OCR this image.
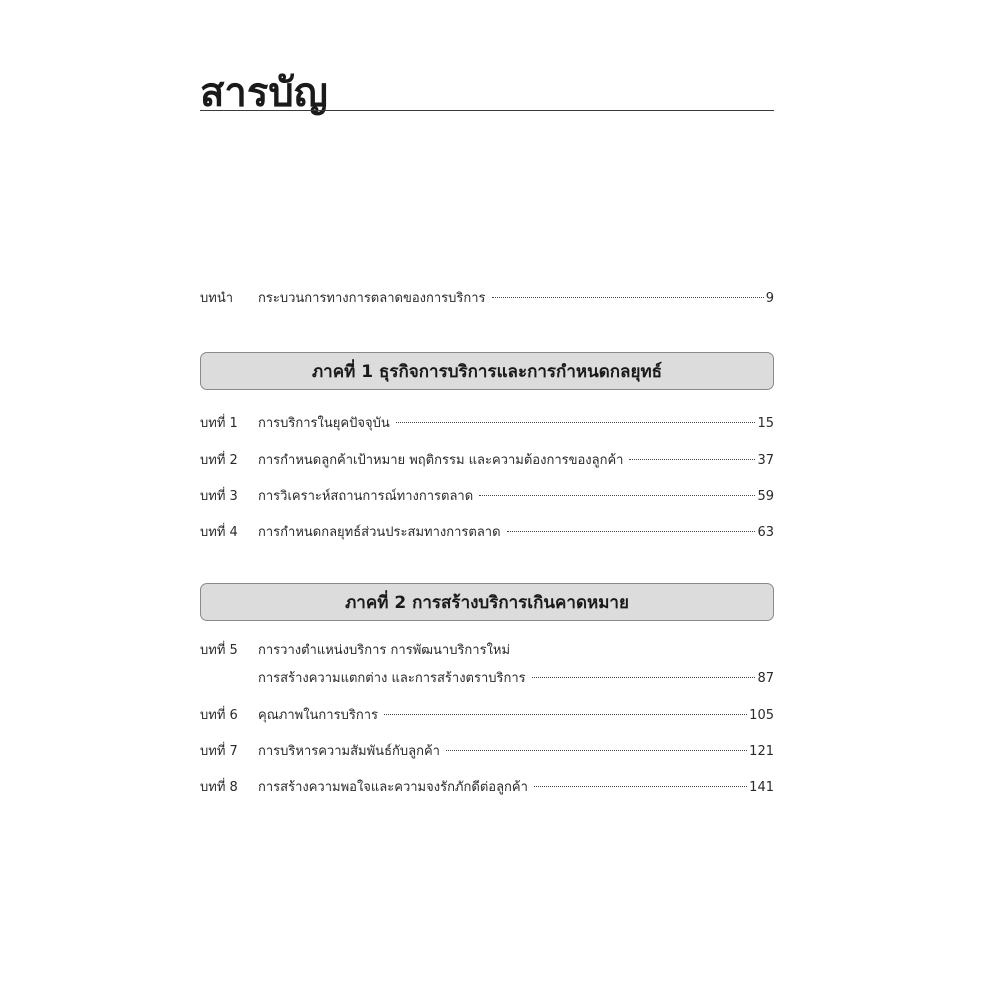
สารบัญ
บทนำ กระบวนการทางการตลาดของการบริการ	9
ภาคที่ 1 ธุรกิจการบริการและการกำหนดกลยุทธ์
บทที่ 1 การบริการในยุคปัจจุบัน	15
บทที่ 2 การกำหนดลูกค้าเป้าหมาย พฤติกรรม และความต้องการของลูกค้า	37
บทที่ 3 การวิเคราะห์สถานการณ์ทางการตลาด	59
บทที่ 4 การกำหนดกลยุทธ์ส่วนประสมทางการตลาด	63
ภาคที่ 2 การสร้างบริการเกินคาดหมาย
บทที่ 5 การวางตำแหน่งบริการ การพัฒนาบริการใหม่
การสร้างความแตกต่าง และการสร้างตราบริการ	87
บทที่ 6 คุณภาพในการบริการ	105
บทที่ 7 การบริหารความสัมพันธ์กับลูกค้า	121
บทที่ 8 การสร้างความพอใจและความจงรักภักดีต่อลูกค้า	141
